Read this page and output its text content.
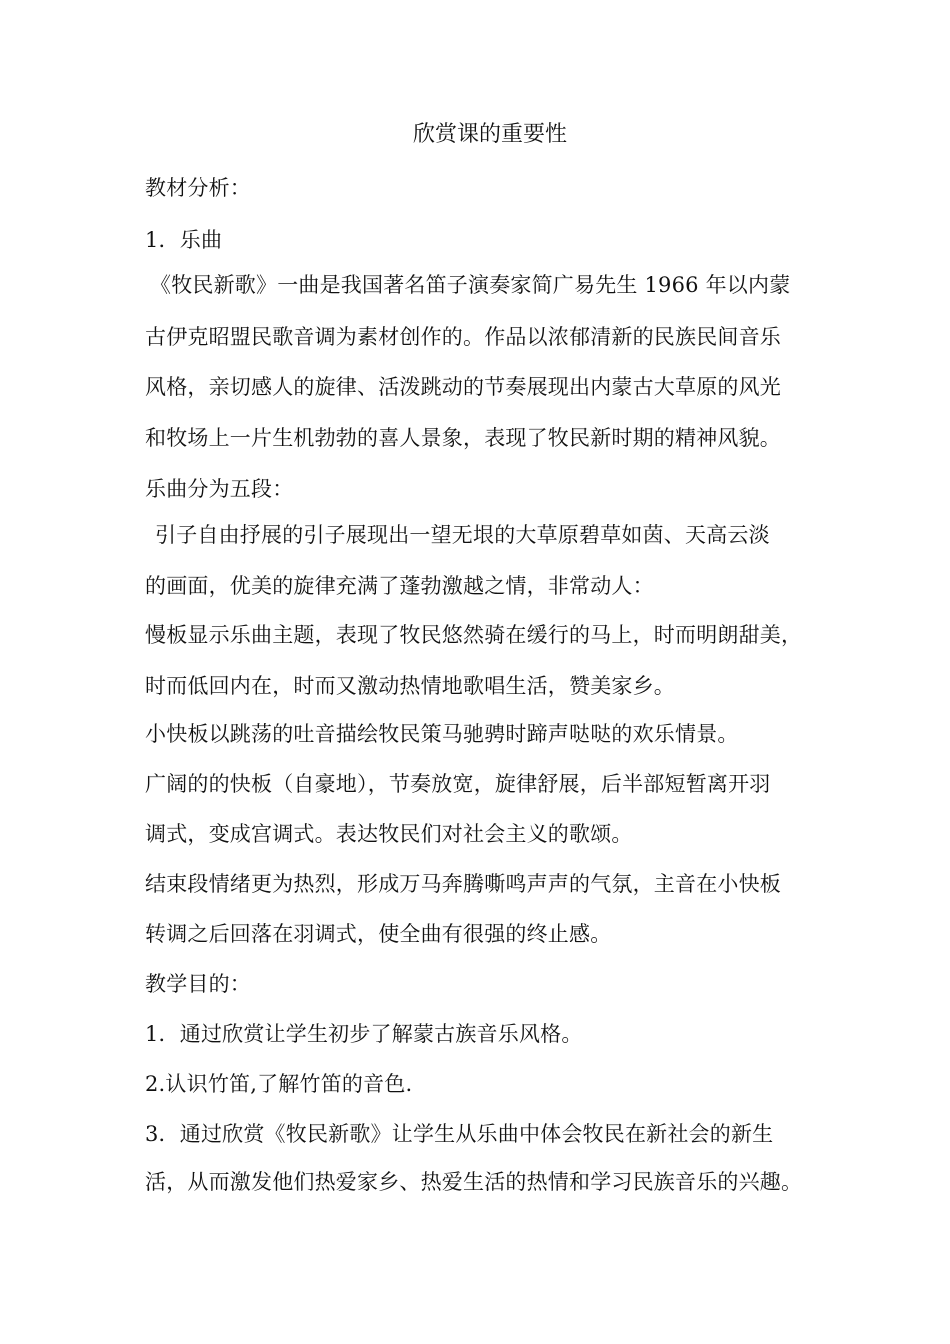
欣赏课的重要性
教材分析：
1．乐曲
《牧民新歌》一曲是我国著名笛子演奏家简广易先生 1966 年以内蒙
古伊克昭盟民歌音调为素材创作的。作品以浓郁清新的民族民间音乐
风格，亲切感人的旋律、活泼跳动的节奏展现出内蒙古大草原的风光
和牧场上一片生机勃勃的喜人景象，表现了牧民新时期的精神风貌。
乐曲分为五段：
引子自由抒展的引子展现出一望无垠的大草原碧草如茵、天高云淡
的画面，优美的旋律充满了蓬勃激越之情，非常动人：
慢板显示乐曲主题，表现了牧民悠然骑在缓行的马上，时而明朗甜美，
时而低回内在，时而又激动热情地歌唱生活，赞美家乡。
小快板以跳荡的吐音描绘牧民策马驰骋时蹄声哒哒的欢乐情景。
广阔的的快板（自豪地），节奏放宽，旋律舒展，后半部短暂离开羽
调式，变成宫调式。表达牧民们对社会主义的歌颂。
结束段情绪更为热烈，形成万马奔腾嘶鸣声声的气氛，主音在小快板
转调之后回落在羽调式，使全曲有很强的终止感。
教学目的：
1．通过欣赏让学生初步了解蒙古族音乐风格。
2.认识竹笛,了解竹笛的音色.
3．通过欣赏《牧民新歌》让学生从乐曲中体会牧民在新社会的新生
活，从而激发他们热爱家乡、热爱生活的热情和学习民族音乐的兴趣。
